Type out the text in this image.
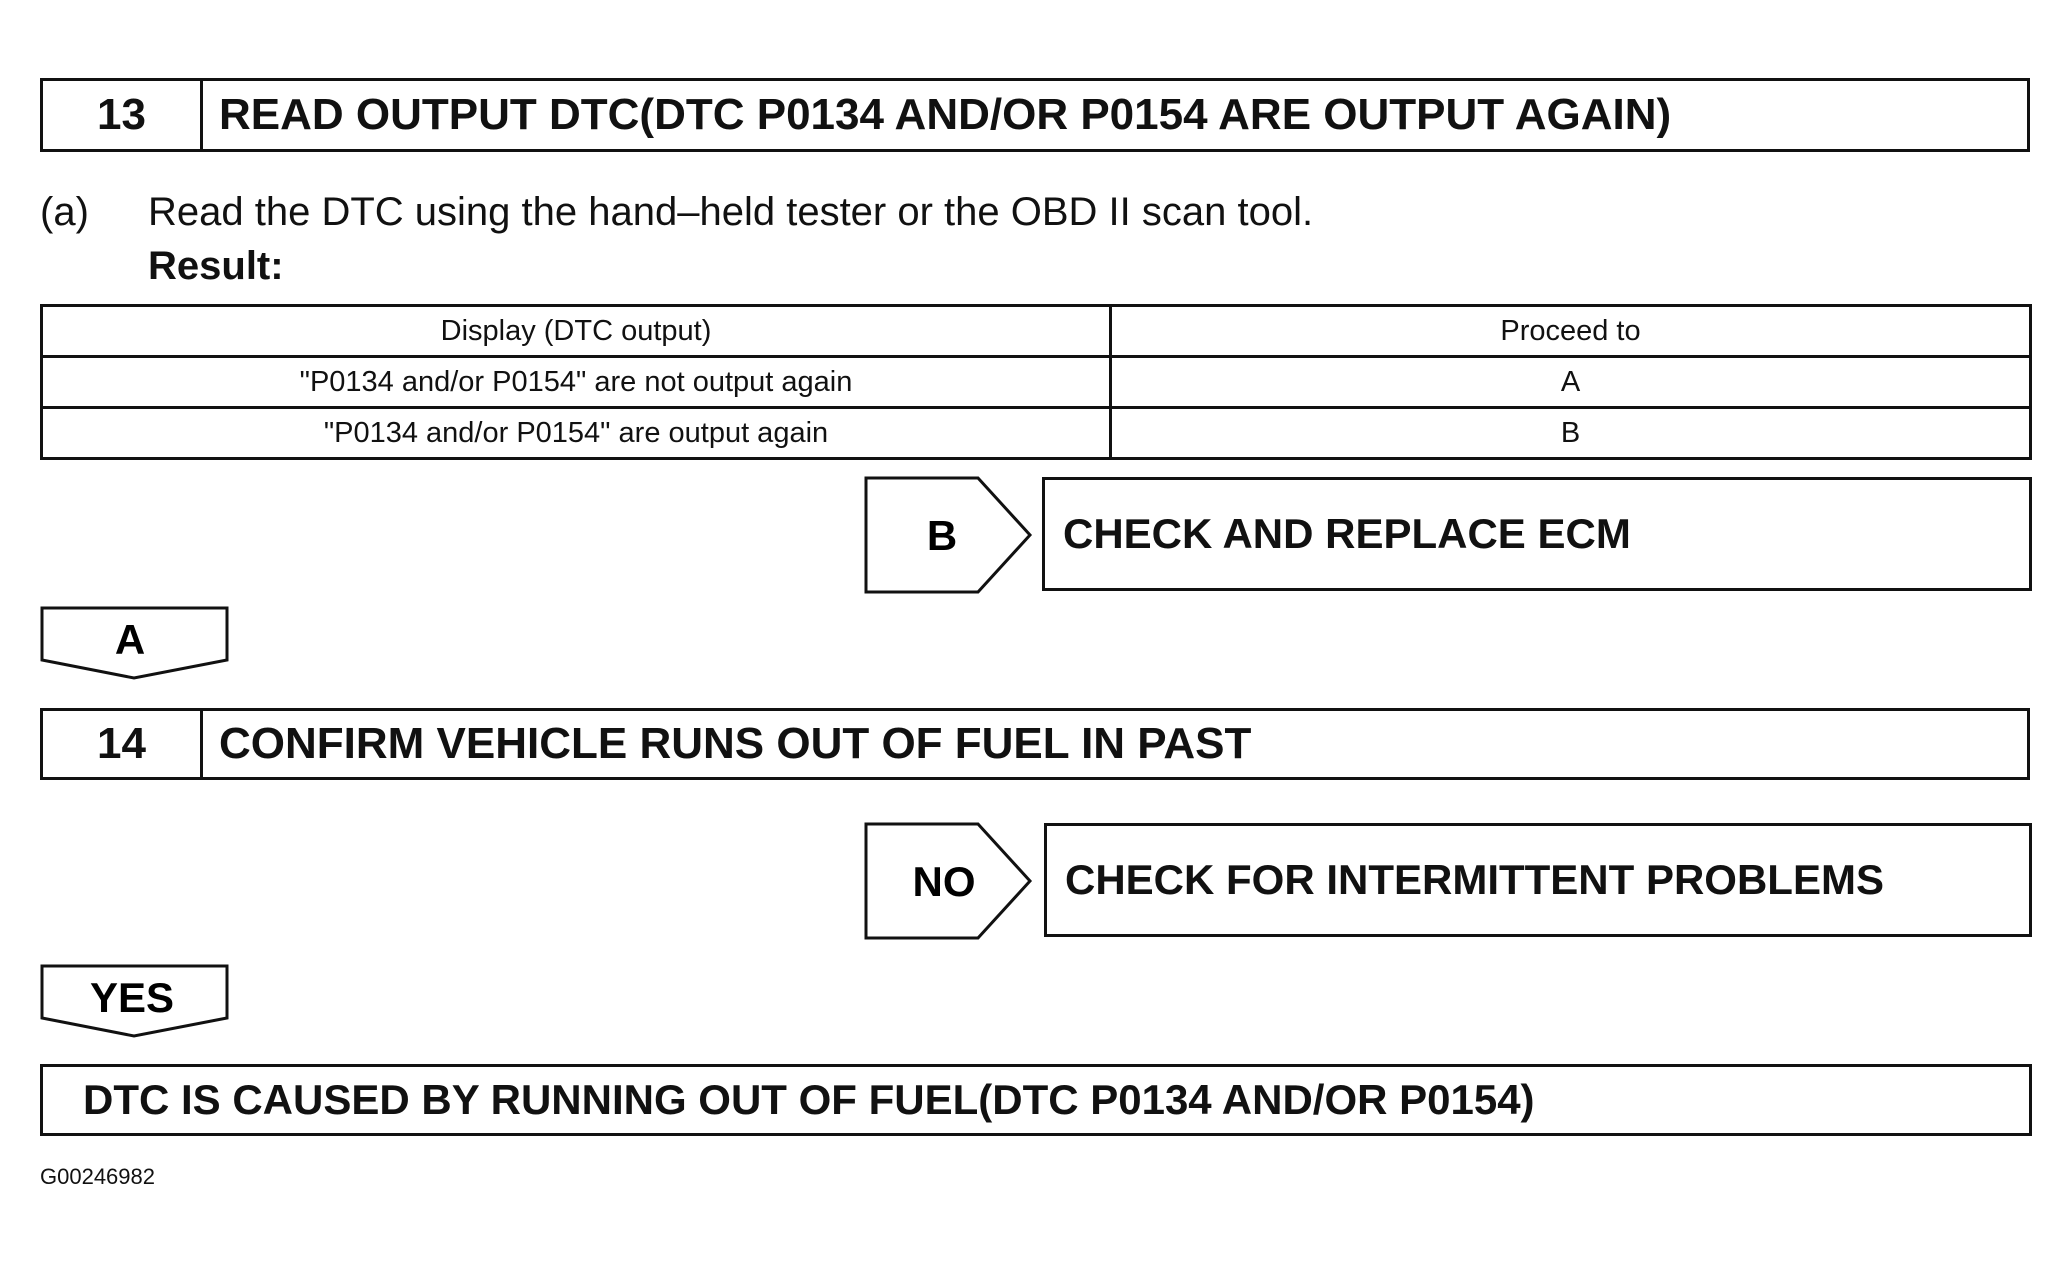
13	READ OUTPUT DTC(DTC P0134 AND/OR P0154 ARE OUTPUT AGAIN)
(a) Read the DTC using the hand–held tester or the OBD II scan tool.
Result:
Display (DTC output)	Proceed to
"P0134 and/or P0154" are not output again	A
"P0134 and/or P0154" are output again	B
B	CHECK AND REPLACE ECM
A
14	CONFIRM VEHICLE RUNS OUT OF FUEL IN PAST
NO	CHECK FOR INTERMITTENT PROBLEMS
YES
DTC IS CAUSED BY RUNNING OUT OF FUEL(DTC P0134 AND/OR P0154)
G00246982
